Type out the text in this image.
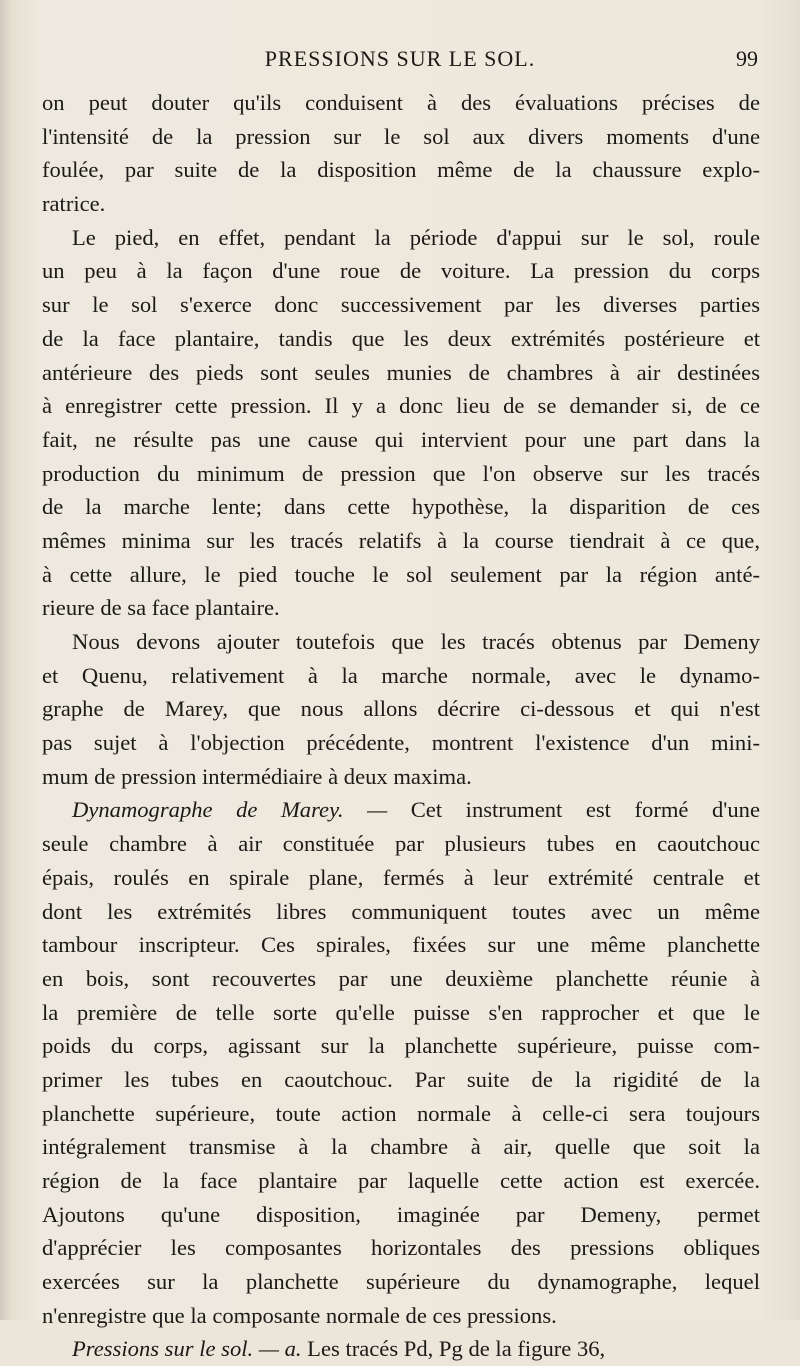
PRESSIONS SUR LE SOL.	99
on peut douter qu'ils conduisent à des évaluations précises de
l'intensité de la pression sur le sol aux divers moments d'une
foulée, par suite de la disposition même de la chaussure explo-
ratrice.
Le pied, en effet, pendant la période d'appui sur le sol, roule
un peu à la façon d'une roue de voiture. La pression du corps
sur le sol s'exerce donc successivement par les diverses parties
de la face plantaire, tandis que les deux extrémités postérieure et
antérieure des pieds sont seules munies de chambres à air destinées
à enregistrer cette pression. Il y a donc lieu de se demander si, de ce
fait, ne résulte pas une cause qui intervient pour une part dans la
production du minimum de pression que l'on observe sur les tracés
de la marche lente; dans cette hypothèse, la disparition de ces
mêmes minima sur les tracés relatifs à la course tiendrait à ce que,
à cette allure, le pied touche le sol seulement par la région anté-
rieure de sa face plantaire.
Nous devons ajouter toutefois que les tracés obtenus par Demeny
et Quenu, relativement à la marche normale, avec le dynamo-
graphe de Marey, que nous allons décrire ci-dessous et qui n'est
pas sujet à l'objection précédente, montrent l'existence d'un mini-
mum de pression intermédiaire à deux maxima.
Dynamographe de Marey. — Cet instrument est formé d'une
seule chambre à air constituée par plusieurs tubes en caoutchouc
épais, roulés en spirale plane, fermés à leur extrémité centrale et
dont les extrémités libres communiquent toutes avec un même
tambour inscripteur. Ces spirales, fixées sur une même planchette
en bois, sont recouvertes par une deuxième planchette réunie à
la première de telle sorte qu'elle puisse s'en rapprocher et que le
poids du corps, agissant sur la planchette supérieure, puisse com-
primer les tubes en caoutchouc. Par suite de la rigidité de la
planchette supérieure, toute action normale à celle-ci sera toujours
intégralement transmise à la chambre à air, quelle que soit la
région de la face plantaire par laquelle cette action est exercée.
Ajoutons qu'une disposition, imaginée par Demeny, permet
d'apprécier les composantes horizontales des pressions obliques
exercées sur la planchette supérieure du dynamographe, lequel
n'enregistre que la composante normale de ces pressions.
Pressions sur le sol. — a. Les tracés Pd, Pg de la figure 36,
